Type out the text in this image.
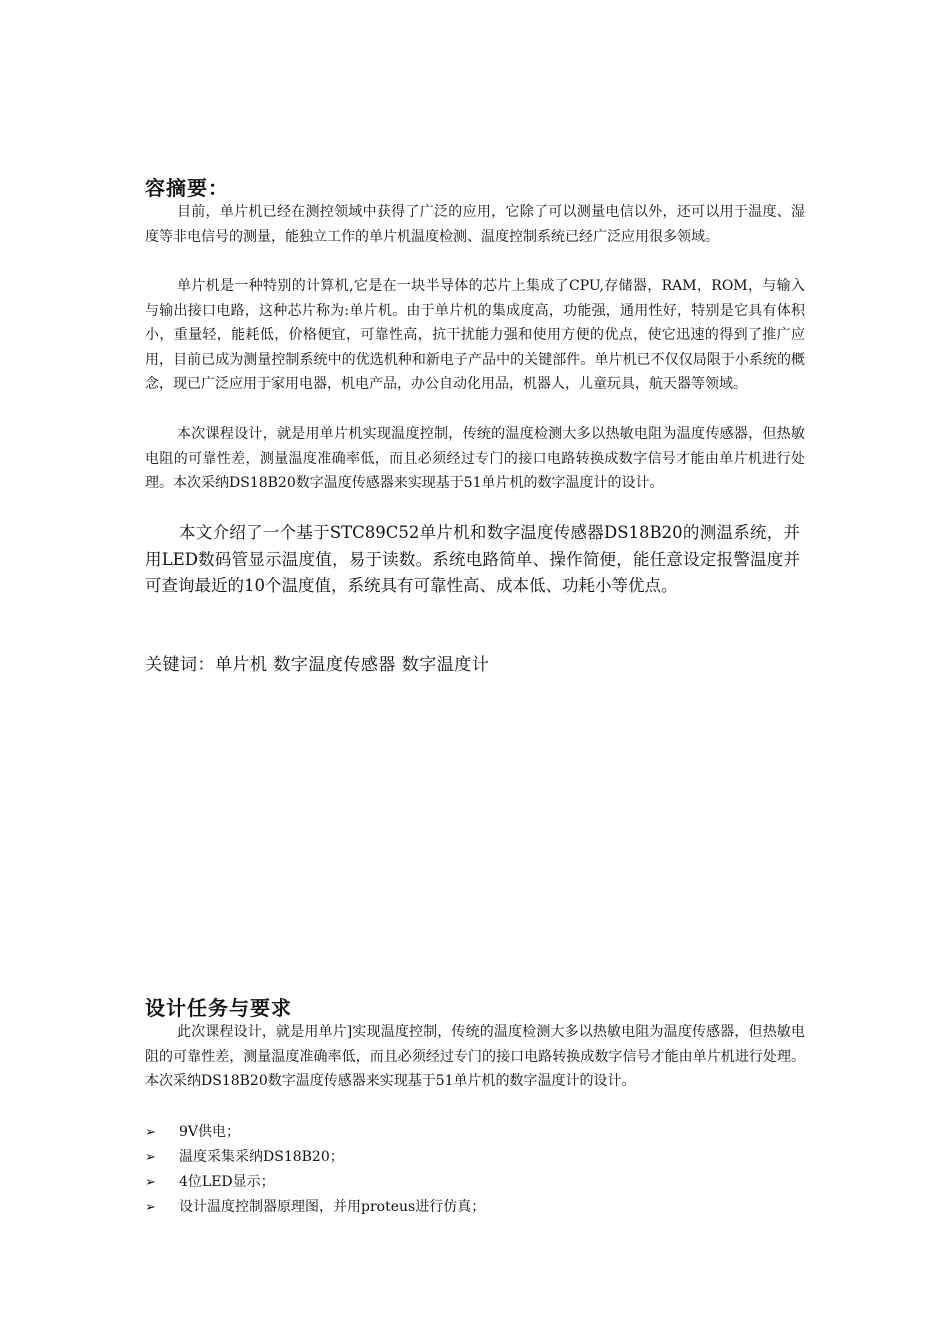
容摘要：

目前，单片机已经在测控领域中获得了广泛的应用，它除了可以测量电信以外，还可以用于温度、湿度等非电信号的测量，能独立工作的单片机温度检测、温度控制系统已经广泛应用很多领域。

单片机是一种特别的计算机,它是在一块半导体的芯片上集成了CPU,存储器，RAM，ROM，与输入与输出接口电路，这种芯片称为:单片机。由于单片机的集成度高，功能强，通用性好，特别是它具有体积小，重量轻，能耗低，价格便宜，可靠性高，抗干扰能力强和使用方便的优点，使它迅速的得到了推广应用，目前已成为测量控制系统中的优选机种和新电子产品中的关键部件。单片机已不仅仅局限于小系统的概念，现已广泛应用于家用电器，机电产品，办公自动化用品，机器人，儿童玩具，航天器等领域。

本次课程设计，就是用单片机实现温度控制，传统的温度检测大多以热敏电阻为温度传感器，但热敏电阻的可靠性差，测量温度准确率低，而且必须经过专门的接口电路转换成数字信号才能由单片机进行处理。本次采纳DS18B20数字温度传感器来实现基于51单片机的数字温度计的设计。

本文介绍了一个基于STC89C52单片机和数字温度传感器DS18B20的测温系统，并用LED数码管显示温度值，易于读数。系统电路简单、操作简便，能任意设定报警温度并可查询最近的10个温度值，系统具有可靠性高、成本低、功耗小等优点。

关键词：单片机 数字温度传感器 数字温度计

设计任务与要求

此次课程设计，就是用单片]实现温度控制，传统的温度检测大多以热敏电阻为温度传感器，但热敏电阻的可靠性差，测量温度准确率低，而且必须经过专门的接口电路转换成数字信号才能由单片机进行处理。本次采纳DS18B20数字温度传感器来实现基于51单片机的数字温度计的设计。

➢	9V供电；
➢	温度采集采纳DS18B20；
➢	4位LED显示；
➢	设计温度控制器原理图，并用proteus进行仿真；
